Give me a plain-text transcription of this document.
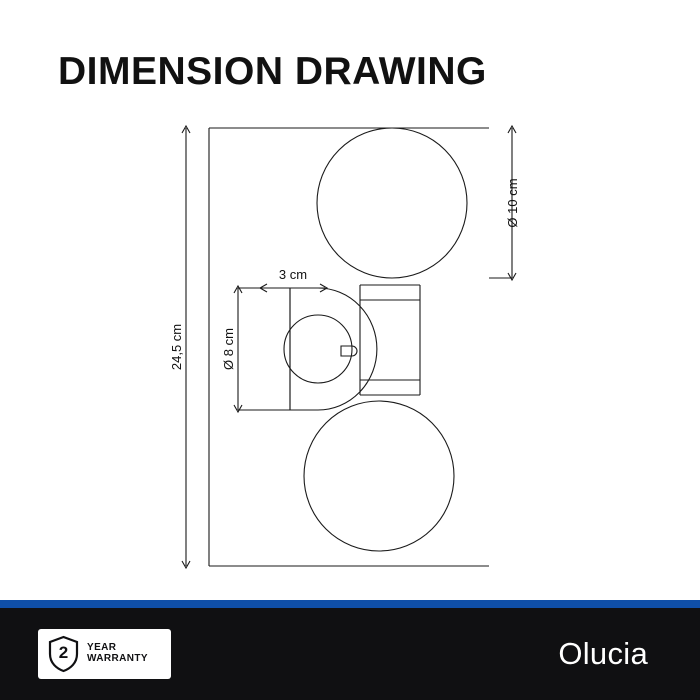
DIMENSION DRAWING
24,5 cm
3 cm
Ø 8 cm
Ø 10 cm
2	YEAR
WARRANTY	Olucia
